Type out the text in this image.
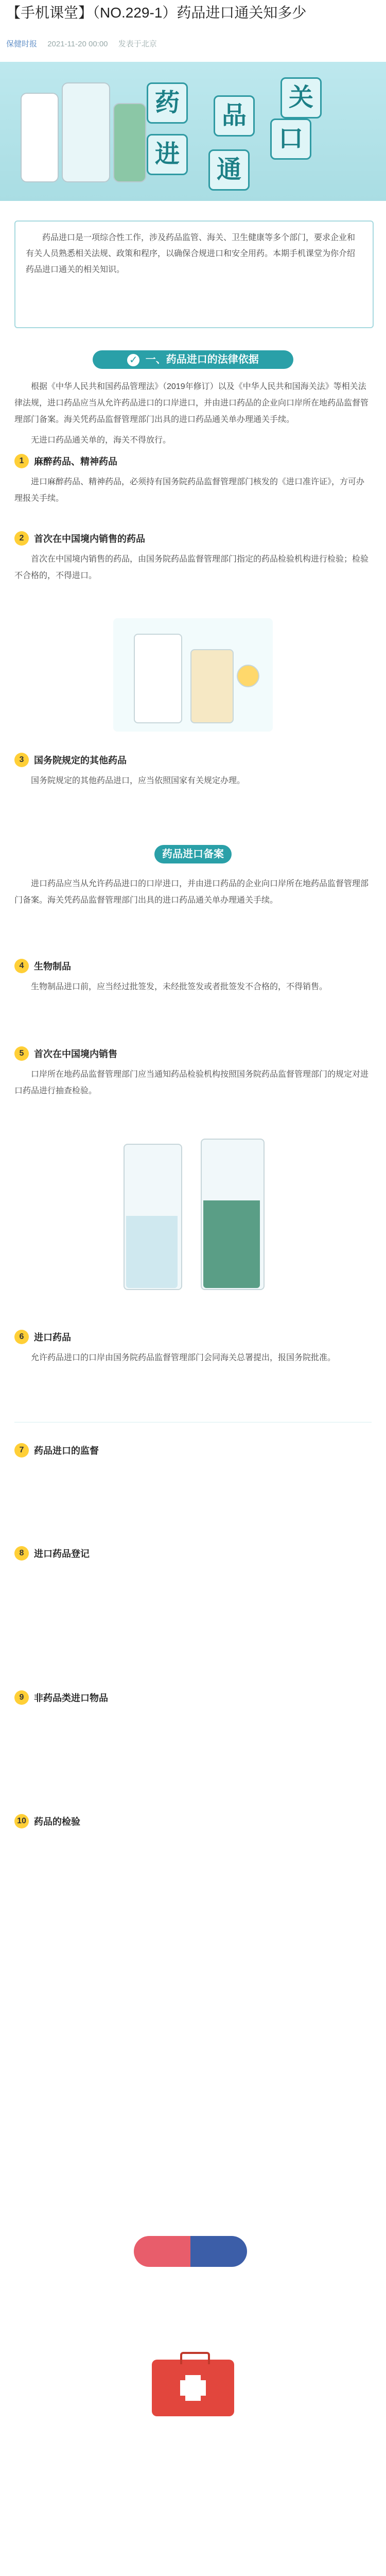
【手机课堂】（NO.229-1）药品进口通关知多少
保健时报 2021-11-20 00:00 发表于北京
药	品
进
口
通
关

药品进口是一项综合性工作，涉及药品监管、海关、卫生健康等多个部门，要求企业和有关人员熟悉相关法规、政策和程序，以确保合规进口和安全用药。本期手机课堂为你介绍药品进口通关的相关知识。

✓ 一、药品进口的法律依据

根据《中华人民共和国药品管理法》（2019年修订）以及《中华人民共和国海关法》等相关法律法规，进口药品应当从允许药品进口的口岸进口，并由进口药品的企业向口岸所在地药品监督管理部门备案。海关凭药品监督管理部门出具的进口药品通关单办理通关手续。

无进口药品通关单的，海关不得放行。

1	麻醉药品、精神药品

进口麻醉药品、精神药品，必须持有国务院药品监督管理部门核发的《进口准许证》，方可办理报关手续。

2	首次在中国境内销售的药品

首次在中国境内销售的药品，由国务院药品监督管理部门指定的药品检验机构进行检验；检验不合格的，不得进口。

3	国务院规定的其他药品

国务院规定的其他药品进口，应当依照国家有关规定办理。

药品进口备案

进口药品应当从允许药品进口的口岸进口，并由进口药品的企业向口岸所在地药品监督管理部门备案。海关凭药品监督管理部门出具的进口药品通关单办理通关手续。

4	生物制品

生物制品进口前，应当经过批签发，未经批签发或者批签发不合格的，不得销售。

5	首次在中国境内销售

口岸所在地药品监督管理部门应当通知药品检验机构按照国务院药品监督管理部门的规定对进口药品进行抽查检验。

6	进口药品

允许药品进口的口岸由国务院药品监督管理部门会同海关总署提出，报国务院批准。

7	药品进口的监督
8	进口药品登记
9	非药品类进口物品
10 药品的检验
